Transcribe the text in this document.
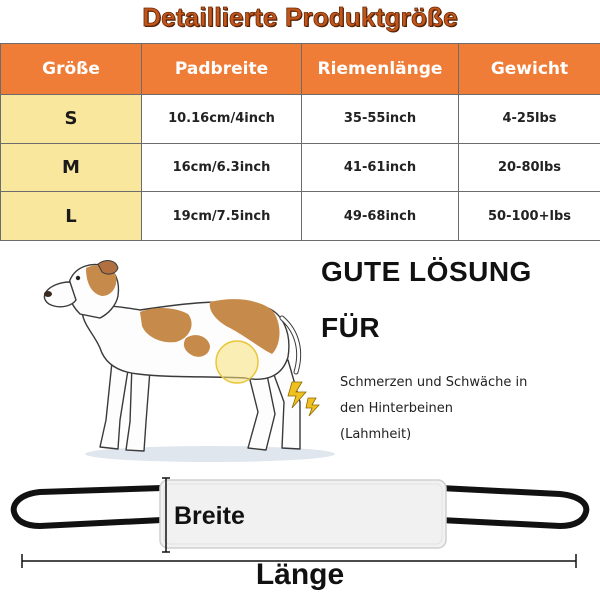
Detaillierte Produktgröße
Größe	Padbreite	Riemenlänge	Gewicht
S	10.16cm/4inch	35-55inch	4-25lbs
M	16cm/6.3inch	41-61inch	20-80lbs
L	19cm/7.5inch	49-68inch	50-100+lbs
GUTE LÖSUNG
FÜR
Schmerzen und Schwäche in
den Hinterbeinen
(Lahmheit)
Breite
Länge
